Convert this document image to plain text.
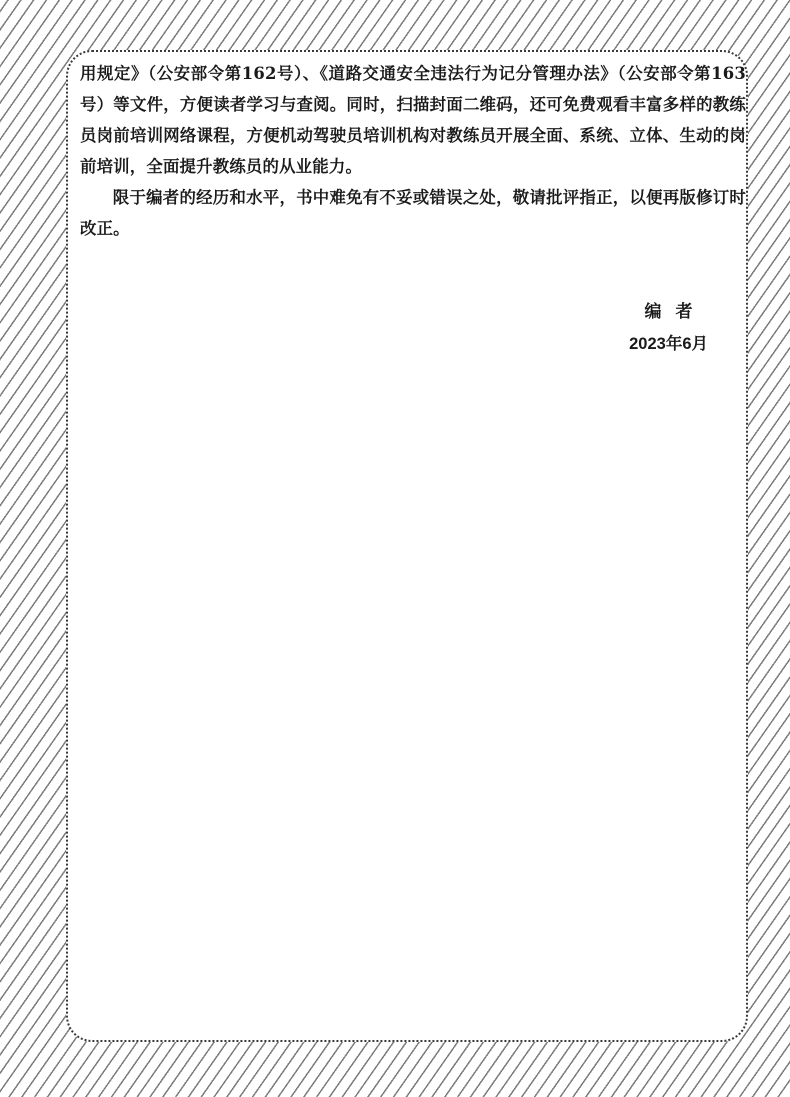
用规定》（公安部令第162号）、《道路交通安全违法行为记分管理办法》（公安部令第163号）等文件，方便读者学习与查阅。同时，扫描封面二维码，还可免费观看丰富多样的教练员岗前培训网络课程，方便机动驾驶员培训机构对教练员开展全面、系统、立体、生动的岗前培训，全面提升教练员的从业能力。

限于编者的经历和水平，书中难免有不妥或错误之处，敬请批评指正，以便再版修订时改正。

编者
2023年6月
